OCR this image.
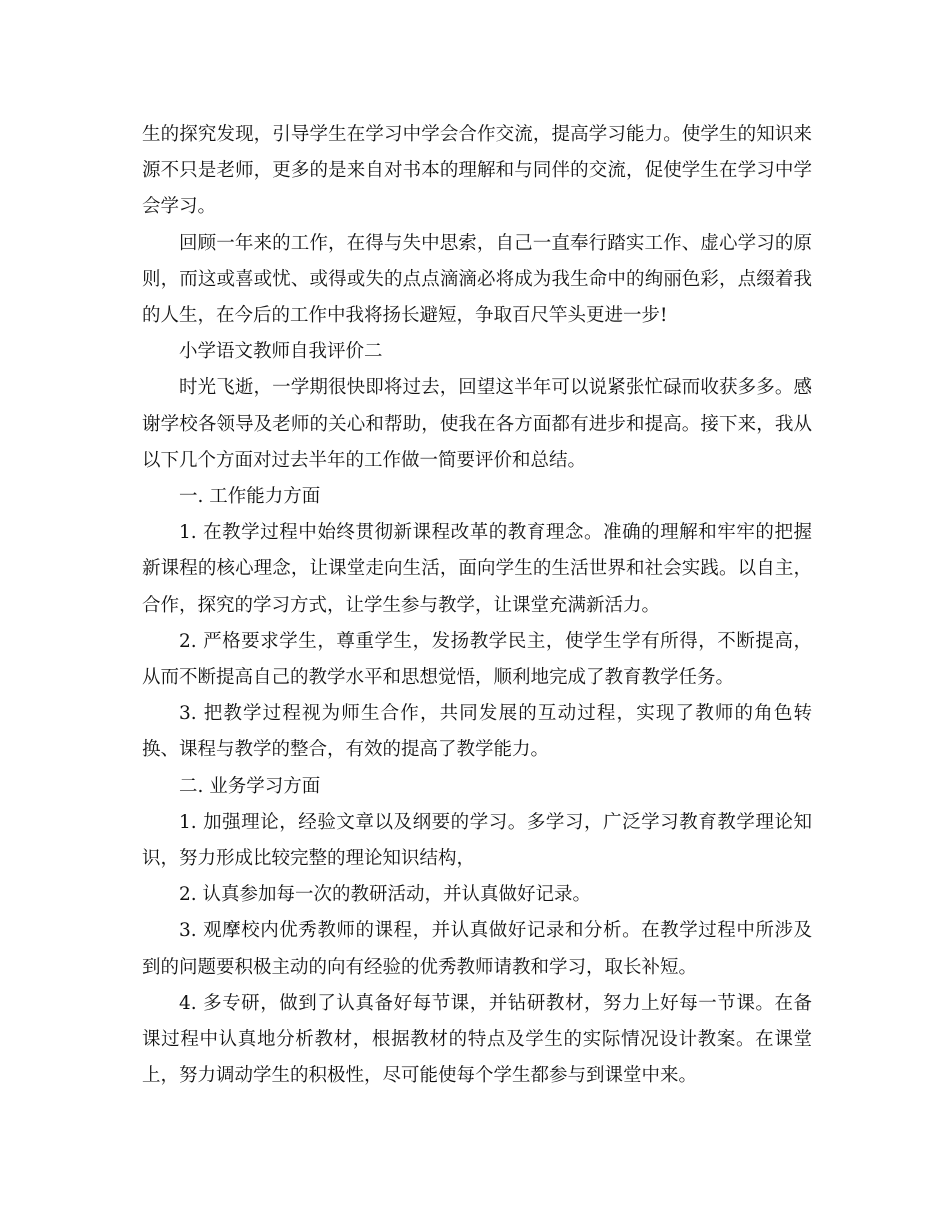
生的探究发现，引导学生在学习中学会合作交流，提高学习能力。使学生的知识来源不只是老师，更多的是来自对书本的理解和与同伴的交流，促使学生在学习中学会学习。

回顾一年来的工作，在得与失中思索，自己一直奉行踏实工作、虚心学习的原则，而这或喜或忧、或得或失的点点滴滴必将成为我生命中的绚丽色彩，点缀着我的人生，在今后的工作中我将扬长避短，争取百尺竿头更进一步!

小学语文教师自我评价二

时光飞逝，一学期很快即将过去，回望这半年可以说紧张忙碌而收获多多。感谢学校各领导及老师的关心和帮助，使我在各方面都有进步和提高。接下来，我从以下几个方面对过去半年的工作做一简要评价和总结。

一. 工作能力方面

1. 在教学过程中始终贯彻新课程改革的教育理念。准确的理解和牢牢的把握新课程的核心理念，让课堂走向生活，面向学生的生活世界和社会实践。以自主，合作，探究的学习方式，让学生参与教学，让课堂充满新活力。

2. 严格要求学生，尊重学生，发扬教学民主，使学生学有所得，不断提高，从而不断提高自己的教学水平和思想觉悟，顺利地完成了教育教学任务。

3. 把教学过程视为师生合作，共同发展的互动过程，实现了教师的角色转换、课程与教学的整合，有效的提高了教学能力。

二. 业务学习方面

1. 加强理论，经验文章以及纲要的学习。多学习，广泛学习教育教学理论知识，努力形成比较完整的理论知识结构，

2. 认真参加每一次的教研活动，并认真做好记录。

3. 观摩校内优秀教师的课程，并认真做好记录和分析。在教学过程中所涉及到的问题要积极主动的向有经验的优秀教师请教和学习，取长补短。

4. 多专研，做到了认真备好每节课，并钻研教材，努力上好每一节课。在备课过程中认真地分析教材，根据教材的特点及学生的实际情况设计教案。在课堂上，努力调动学生的积极性，尽可能使每个学生都参与到课堂中来。
